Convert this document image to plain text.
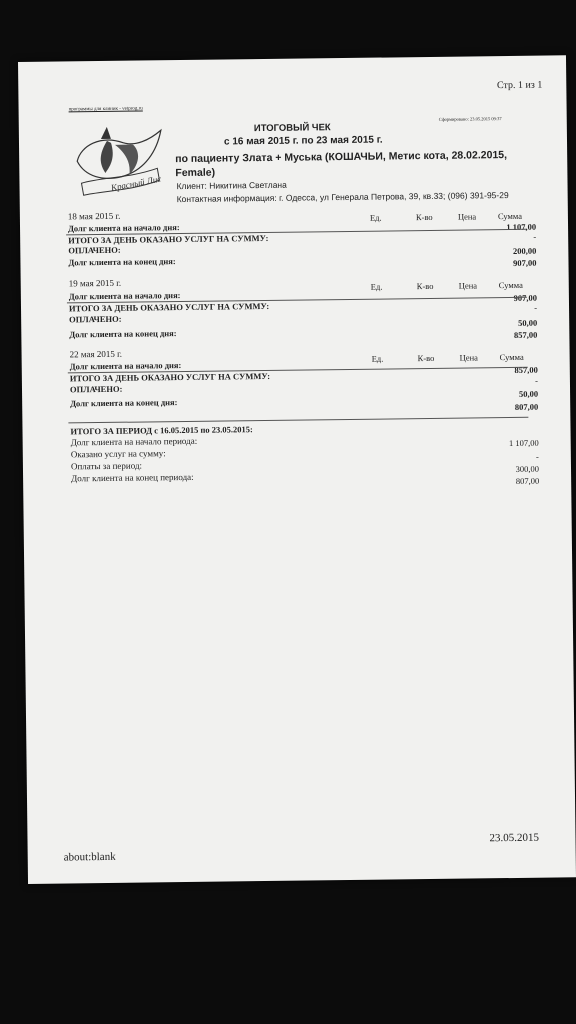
Стр. 1 из 1
программы для клиник - vetprog.ru
Сформировано: 23.05.2015 09:37
Красный Лис
ИТОГОВЫЙ ЧЕК
с 16 мая 2015 г. по 23 мая 2015 г.
по пациенту Злата + Муська (КОШАЧЬИ, Метис кота, 28.02.2015, Female)
Клиент: Никитина Светлана
Контактная информация: г. Одесса, ул Генерала Петрова, 39, кв.33; (096) 391-95-29
18 мая 2015 г.	Ед.	К-во	Цена	Сумма
Долг клиента на начало дня:	1 107,00
ИТОГО ЗА ДЕНЬ ОКАЗАНО УСЛУГ НА СУММУ:	-
ОПЛАЧЕНО:	200,00
Долг клиента на конец дня:	907,00
19 мая 2015 г.	Ед.	К-во	Цена	Сумма
Долг клиента на начало дня:	907,00
ИТОГО ЗА ДЕНЬ ОКАЗАНО УСЛУГ НА СУММУ:	-
ОПЛАЧЕНО:	50,00
Долг клиента на конец дня:	857,00
22 мая 2015 г.	Ед.	К-во	Цена	Сумма
Долг клиента на начало дня:	857,00
ИТОГО ЗА ДЕНЬ ОКАЗАНО УСЛУГ НА СУММУ:	-
ОПЛАЧЕНО:	50,00
Долг клиента на конец дня:	807,00
ИТОГО ЗА ПЕРИОД с 16.05.2015 по 23.05.2015:
Долг клиента на начало периода:	1 107,00
Оказано услуг на сумму:	-
Оплаты за период:	300,00
Долг клиента на конец периода:	807,00
about:blank
23.05.2015
